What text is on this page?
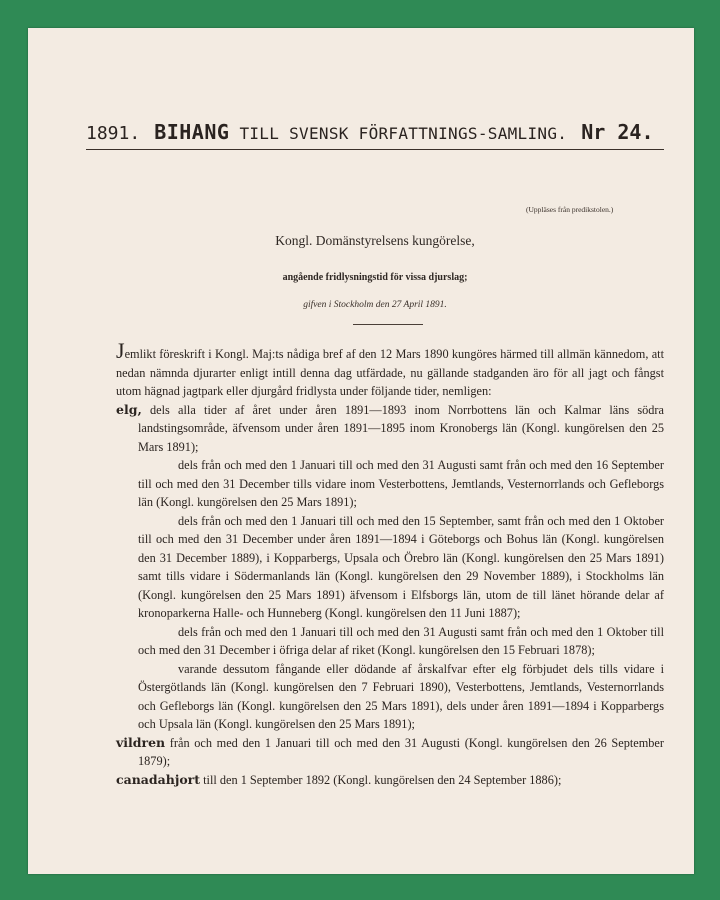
1891. BIHANG TILL SVENSK FÖRFATTNINGS-SAMLING. Nr 24.
(Uppläses från predikstolen.)
Kongl. Domänstyrelsens kungörelse,
angående fridlysningstid för vissa djurslag;
gifven i Stockholm den 27 April 1891.

Jemlikt föreskrift i Kongl. Maj:ts nådiga bref af den 12 Mars 1890 kungöres härmed till allmän kännedom, att nedan nämnda djurarter enligt intill denna dag utfärdade, nu gällande stadganden äro för all jagt och fångst utom hägnad jagtpark eller djurgård fridlysta under följande tider, nemligen:

elg, dels alla tider af året under åren 1891—1893 inom Norrbottens län och Kalmar läns södra landstingsområde, äfvensom under åren 1891—1895 inom Kronobergs län (Kongl. kungörelsen den 25 Mars 1891);

dels från och med den 1 Januari till och med den 31 Augusti samt från och med den 16 September till och med den 31 December tills vidare inom Vesterbottens, Jemtlands, Vesternorrlands och Gefleborgs län (Kongl. kungörelsen den 25 Mars 1891);

dels från och med den 1 Januari till och med den 15 September, samt från och med den 1 Oktober till och med den 31 December under åren 1891—1894 i Göteborgs och Bohus län (Kongl. kungörelsen den 31 December 1889), i Kopparbergs, Upsala och Örebro län (Kongl. kungörelsen den 25 Mars 1891) samt tills vidare i Södermanlands län (Kongl. kungörelsen den 29 November 1889), i Stockholms län (Kongl. kungörelsen den 25 Mars 1891) äfvensom i Elfsborgs län, utom de till länet hörande delar af kronoparkerna Halle- och Hunneberg (Kongl. kungörelsen den 11 Juni 1887);

dels från och med den 1 Januari till och med den 31 Augusti samt från och med den 1 Oktober till och med den 31 December i öfriga delar af riket (Kongl. kungörelsen den 15 Februari 1878);

varande dessutom fångande eller dödande af årskalfvar efter elg förbjudet dels tills vidare i Östergötlands län (Kongl. kungörelsen den 7 Februari 1890), Vesterbottens, Jemtlands, Vesternorrlands och Gefleborgs län (Kongl. kungörelsen den 25 Mars 1891), dels under åren 1891—1894 i Kopparbergs och Upsala län (Kongl. kungörelsen den 25 Mars 1891);

vildren från och med den 1 Januari till och med den 31 Augusti (Kongl. kungörelsen den 26 September 1879);

canadahjort till den 1 September 1892 (Kongl. kungörelsen den 24 September 1886);
